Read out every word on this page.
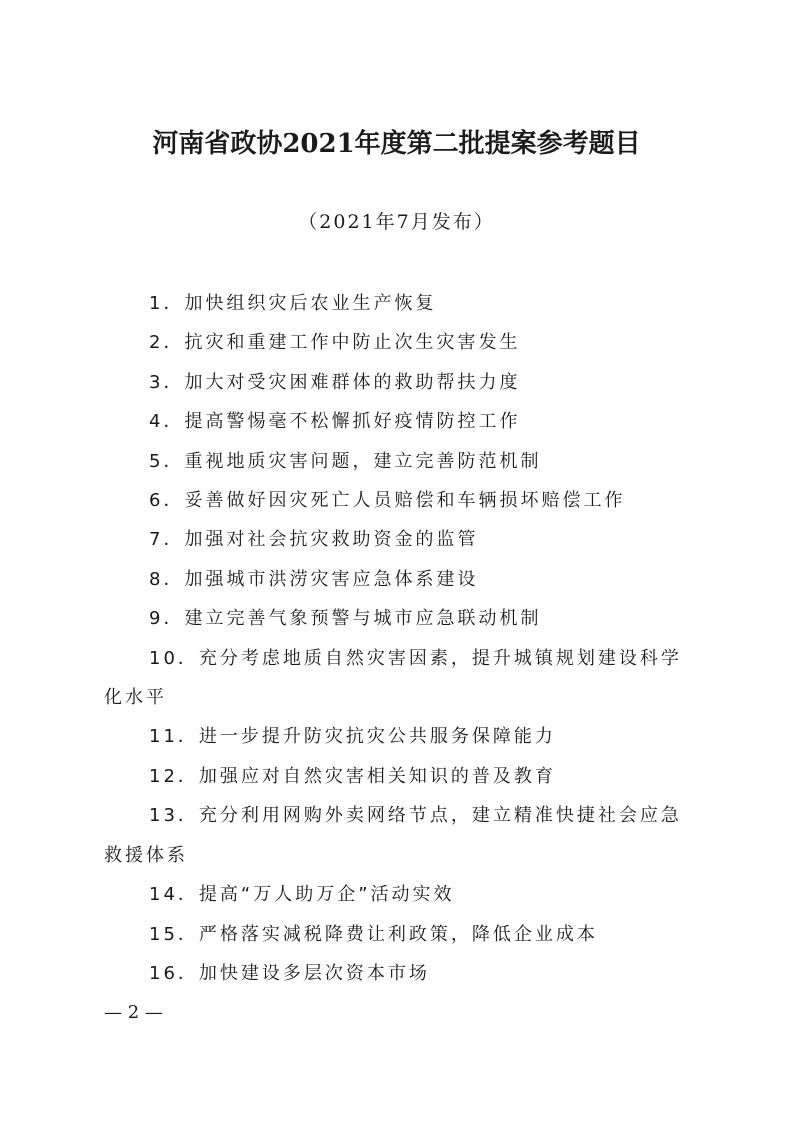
河南省政协2021年度第二批提案参考题目
（2021年7月发布）

1．加快组织灾后农业生产恢复

2．抗灾和重建工作中防止次生灾害发生

3．加大对受灾困难群体的救助帮扶力度

4．提高警惕毫不松懈抓好疫情防控工作

5．重视地质灾害问题，建立完善防范机制

6．妥善做好因灾死亡人员赔偿和车辆损坏赔偿工作

7．加强对社会抗灾救助资金的监管

8．加强城市洪涝灾害应急体系建设

9．建立完善气象预警与城市应急联动机制

10．充分考虑地质自然灾害因素，提升城镇规划建设科学化水平

11．进一步提升防灾抗灾公共服务保障能力

12．加强应对自然灾害相关知识的普及教育

13．充分利用网购外卖网络节点，建立精准快捷社会应急救援体系

14．提高“万人助万企”活动实效

15．严格落实减税降费让利政策，降低企业成本

16．加快建设多层次资本市场

— 2 —
